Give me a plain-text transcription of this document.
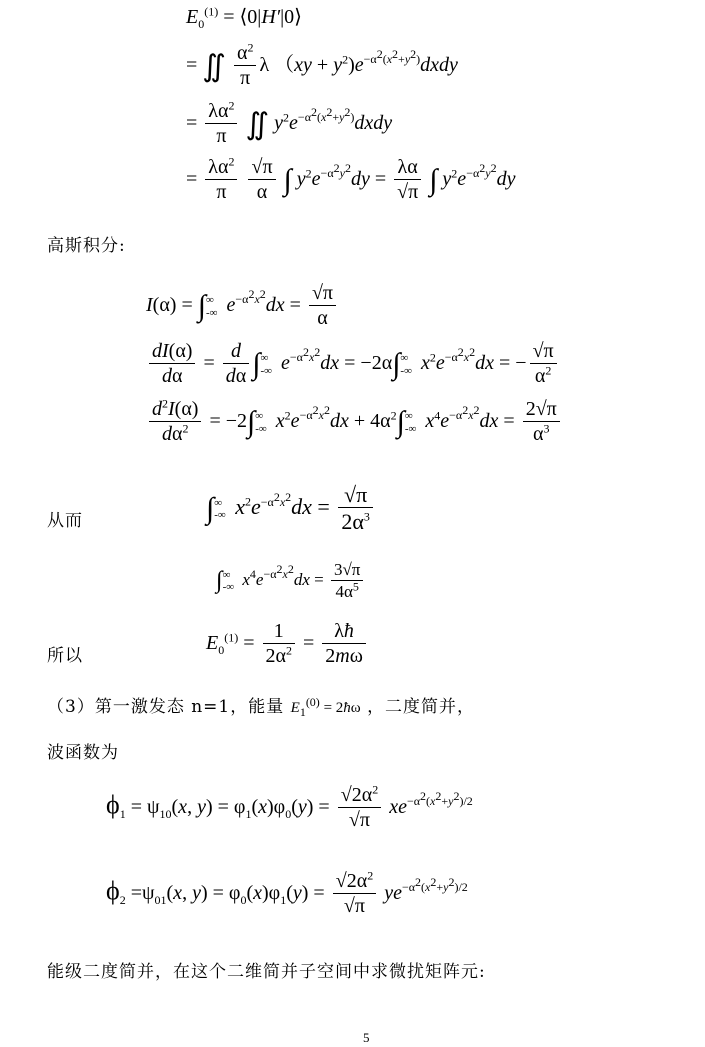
$E_0^{(1)}$ = ⟨0|H′|0⟩
= ∬ $\frac{\alpha^2}{\pi}$ λ $(xy + y^2)e^{-\alpha^2(x^2+y^2)}dxdy$
= $\frac{\lambda\alpha^2}{\pi}$ ∬ $y^2e^{-\alpha^2(x^2+y^2)}dxdy$
= $\frac{\lambda\alpha^2}{\pi}$
$\frac{√\pi}{\alpha}$ ∫ $y^2e^{-\alpha^2y^2}dy = \frac{\lambda\alpha}{√\pi}$ ∫ $y^2e^{-\alpha^2y^2}dy$
高斯积分:
I(α) = ∫∞
-∞ $e^{-\alpha^2x^2}dx = \frac{√\pi}{\alpha}$
$\frac{dI(\alpha)}{d\alpha} = \frac{d}{d\alpha}$ ∫∞
-∞ $e^{-\alpha^2x^2}dx = -2\alpha\int\infty$
-∞ $x^2e^{-\alpha^2x^2}dx$ = − $\frac{√\pi}{\alpha^2}$
$\frac{d^2I(\alpha)}{d\alpha^2} = -2\int\infty$
-∞ $x^2e^{-\alpha^2x^2}dx + 4\alpha^2\int\infty$
-∞ $x^4e^{-\alpha^2x^2}dx = \frac{2√\pi}{\alpha^3}$
从而	∫∞
-∞ $x^2e^{-\alpha^2x^2}dx = \frac{√\pi}{2\alpha^3}$
∫∞
-∞ $x^4e^{-\alpha^2x^2}dx = \frac{3√\pi}{4\alpha^5}$
所以
$E_0^{(1)} = \frac{1}{2\alpha^2} = \frac{\lambda ħ}{2m\omega}$
（3）第一激发态 n=1，能量 $E_1^{(0)}$ = 2ħω ，二度简并，
波函数为
$\phi_1 = \psi_{10}(x$, $y) = \varphi_1(x)\varphi_0(y) = \frac{√2\alpha^2}{√\pi} xe^{-\alpha^2(x^2+y^2)/2}$
$\phi_2 =\psi_{01}(x$, $y) = \varphi_0(x)\varphi_1(y) = \frac{√2\alpha^2}{√\pi} ye^{-\alpha^2(x^2+y^2)/2}$
能级二度简并，在这个二维简并子空间中求微扰矩阵元:
5
